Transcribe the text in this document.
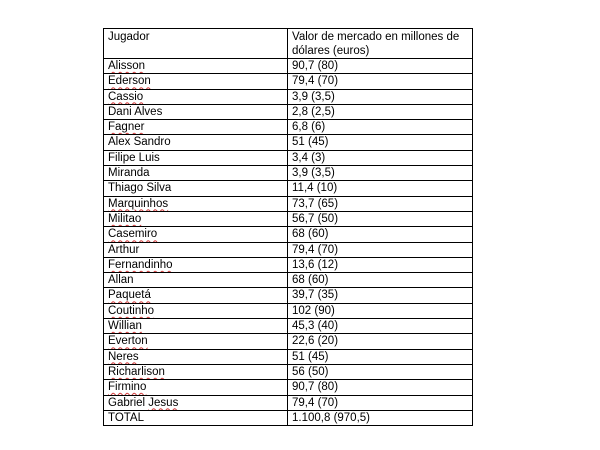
Jugador	Valor de mercado en millones de dólares (euros)
Alisson	90,7 (80)
Ederson	79,4 (70)
Cassio	3,9 (3,5)
Dani Alves	2,8 (2,5)
Fagner	6,8 (6)
Alex Sandro	51 (45)
Filipe Luis	3,4 (3)
Miranda	3,9 (3,5)
Thiago Silva	11,4 (10)
Marquinhos	73,7 (65)
Militao	56,7 (50)
Casemiro	68 (60)
Arthur	79,4 (70)
Fernandinho	13,6 (12)
Allan	68 (60)
Paquetá	39,7 (35)
Coutinho	102 (90)
Willian	45,3 (40)
Everton	22,6 (20)
Neres	51 (45)
Richarlison	56 (50)
Firmino	90,7 (80)
Gabriel Jesus	79,4 (70)
TOTAL	1.100,8 (970,5)
